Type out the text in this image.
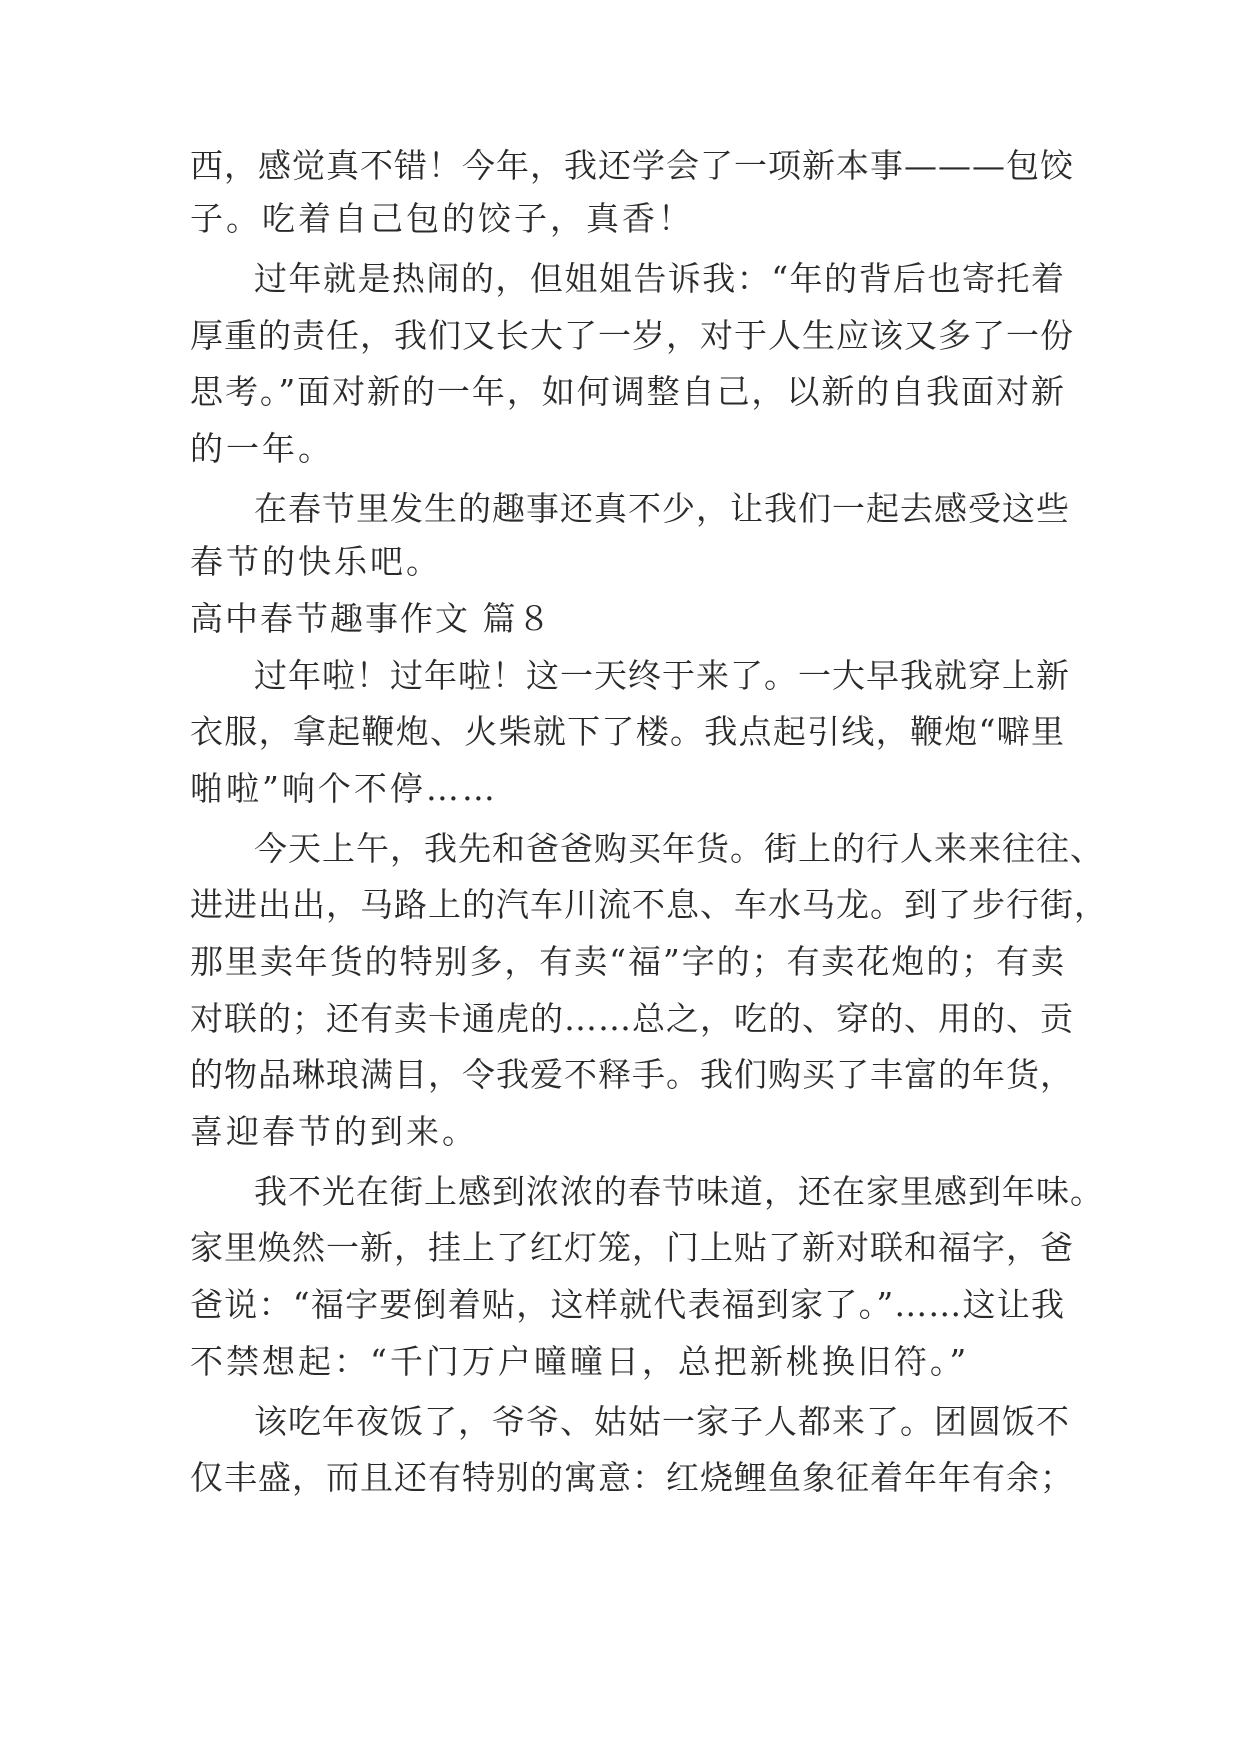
西，感觉真不错！今年，我还学会了一项新本事———包饺
子。吃着自己包的饺子，真香！
过年就是热闹的，但姐姐告诉我：“年的背后也寄托着
厚重的责任，我们又长大了一岁，对于人生应该又多了一份
思考。”面对新的一年，如何调整自己，以新的自我面对新
的一年。
在春节里发生的趣事还真不少，让我们一起去感受这些
春节的快乐吧。
高中春节趣事作文 篇８
过年啦！过年啦！这一天终于来了。一大早我就穿上新
衣服，拿起鞭炮、火柴就下了楼。我点起引线，鞭炮“噼里
啪啦”响个不停……
今天上午，我先和爸爸购买年货。街上的行人来来往往、
进进出出，马路上的汽车川流不息、车水马龙。到了步行街，
那里卖年货的特别多，有卖“福”字的；有卖花炮的；有卖
对联的；还有卖卡通虎的……总之，吃的、穿的、用的、贡
的物品琳琅满目，令我爱不释手。我们购买了丰富的年货，
喜迎春节的到来。
我不光在街上感到浓浓的春节味道，还在家里感到年味。
家里焕然一新，挂上了红灯笼，门上贴了新对联和福字，爸
爸说：“福字要倒着贴，这样就代表福到家了。”……这让我
不禁想起：“千门万户曈曈日，总把新桃换旧符。”
该吃年夜饭了，爷爷、姑姑一家子人都来了。团圆饭不
仅丰盛，而且还有特别的寓意：红烧鲤鱼象征着年年有余；
